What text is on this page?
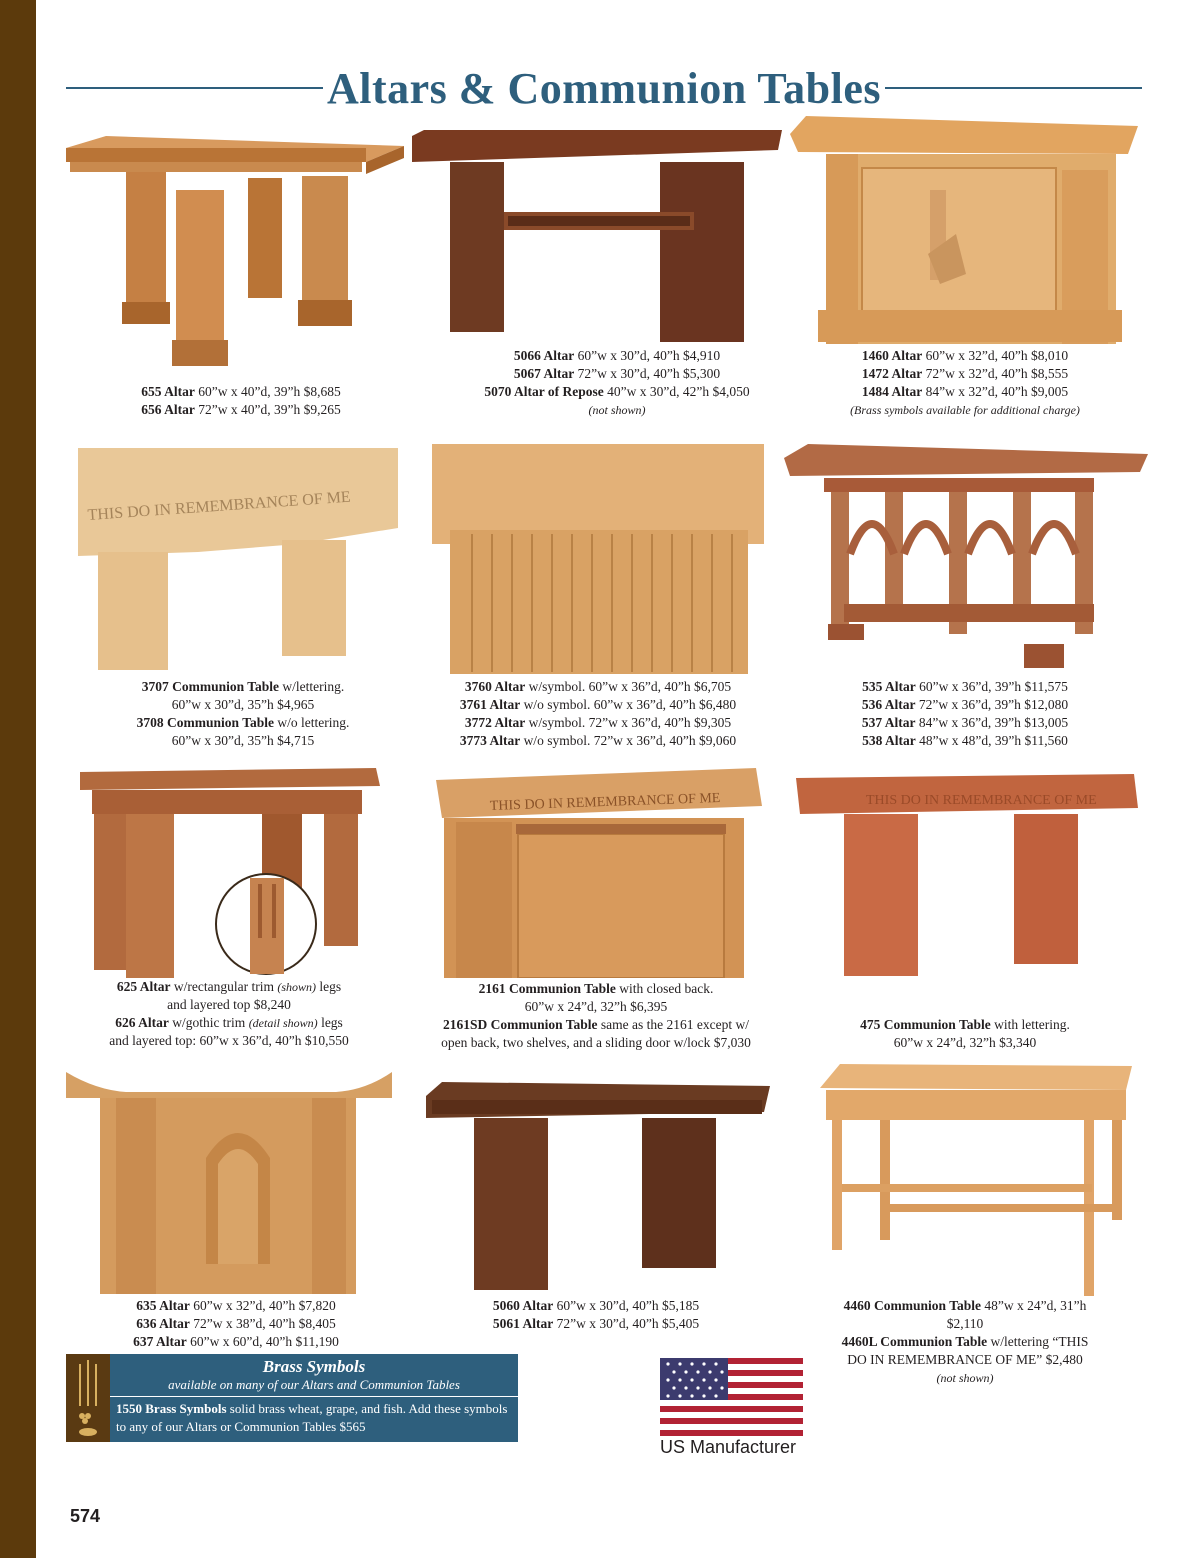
Altars & Communion Tables
655 Altar 60”w x 40”d, 39”h $8,685
656 Altar 72”w x 40”d, 39”h $9,265
5066 Altar 60”w x 30”d, 40”h $4,910
5067 Altar 72”w x 30”d, 40”h $5,300
5070 Altar of Repose 40”w x 30”d, 42”h $4,050
(not shown)
1460 Altar 60”w x 32”d, 40”h $8,010
1472 Altar 72”w x 32”d, 40”h $8,555
1484 Altar 84”w x 32”d, 40”h $9,005
(Brass symbols available for additional charge)
THIS DO IN REMEMBRANCE OF ME
3707 Communion Table w/lettering.
60”w x 30”d, 35”h $4,965
3708 Communion Table w/o lettering.
60”w x 30”d, 35”h $4,715
3760 Altar w/symbol. 60”w x 36”d, 40”h $6,705
3761 Altar w/o symbol. 60”w x 36”d, 40”h $6,480
3772 Altar w/symbol. 72”w x 36”d, 40”h $9,305
3773 Altar w/o symbol. 72”w x 36”d, 40”h $9,060
535 Altar 60”w x 36”d, 39”h $11,575
536 Altar 72”w x 36”d, 39”h $12,080
537 Altar 84”w x 36”d, 39”h $13,005
538 Altar 48”w x 48”d, 39”h $11,560
625 Altar w/rectangular trim (shown) legs
and layered top $8,240
626 Altar w/gothic trim (detail shown) legs
and layered top: 60”w x 36”d, 40”h $10,550
THIS DO IN REMEMBRANCE OF ME
2161 Communion Table with closed back.
60”w x 24”d, 32”h $6,395
2161SD Communion Table same as the 2161 except w/
open back, two shelves, and a sliding door w/lock $7,030
THIS DO IN REMEMBRANCE OF ME
475 Communion Table with lettering.
60”w x 24”d, 32”h $3,340
635 Altar 60”w x 32”d, 40”h $7,820
636 Altar 72”w x 38”d, 40”h $8,405
637 Altar 60”w x 60”d, 40”h $11,190
5060 Altar 60”w x 30”d, 40”h $5,185
5061 Altar 72”w x 30”d, 40”h $5,405
4460 Communion Table 48”w x 24”d, 31”h
$2,110
4460L Communion Table w/lettering “THIS
DO IN REMEMBRANCE OF ME” $2,480
(not shown)
Brass Symbols
available on many of our Altars and Communion Tables
1550 Brass Symbols solid brass wheat, grape, and fish. Add these symbols to any of our Altars or Communion Tables $565
US Manufacturer
574
